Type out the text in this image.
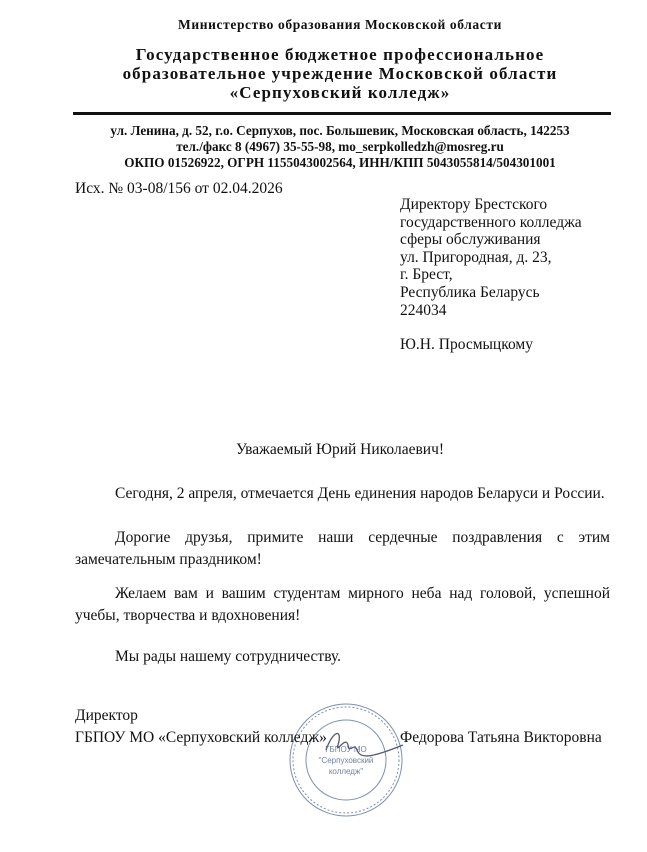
Министерство образования Московской области
Государственное бюджетное профессиональное
образовательное учреждение Московской области
«Серпуховский колледж»
ул. Ленина, д. 52, г.о. Серпухов, пос. Большевик, Московская область, 142253
тел./факс 8 (4967) 35-55-98, mo_serpkolledzh@mosreg.ru
ОКПО 01526922, ОГРН 1155043002564, ИНН/КПП 5043055814/504301001
Исх. № 03-08/156 от 02.04.2026
Директору Брестского
государственного колледжа
сферы обслуживания
ул. Пригородная, д. 23,
г. Брест,
Республика Беларусь
224034
Ю.Н. Просмыцкому
Уважаемый Юрий Николаевич!
Сегодня, 2 апреля, отмечается День единения народов Беларуси и России.
Дорогие друзья, примите наши сердечные поздравления с этим замечательным праздником!
Желаем вам и вашим студентам мирного неба над головой, успешной учебы, творчества и вдохновения!
Мы рады нашему сотрудничеству.
ГБПОУ МО
"Серпуховский
колледж"
Директор
ГБПОУ МО «Серпуховский колледж»	Федорова Татьяна Викторовна
